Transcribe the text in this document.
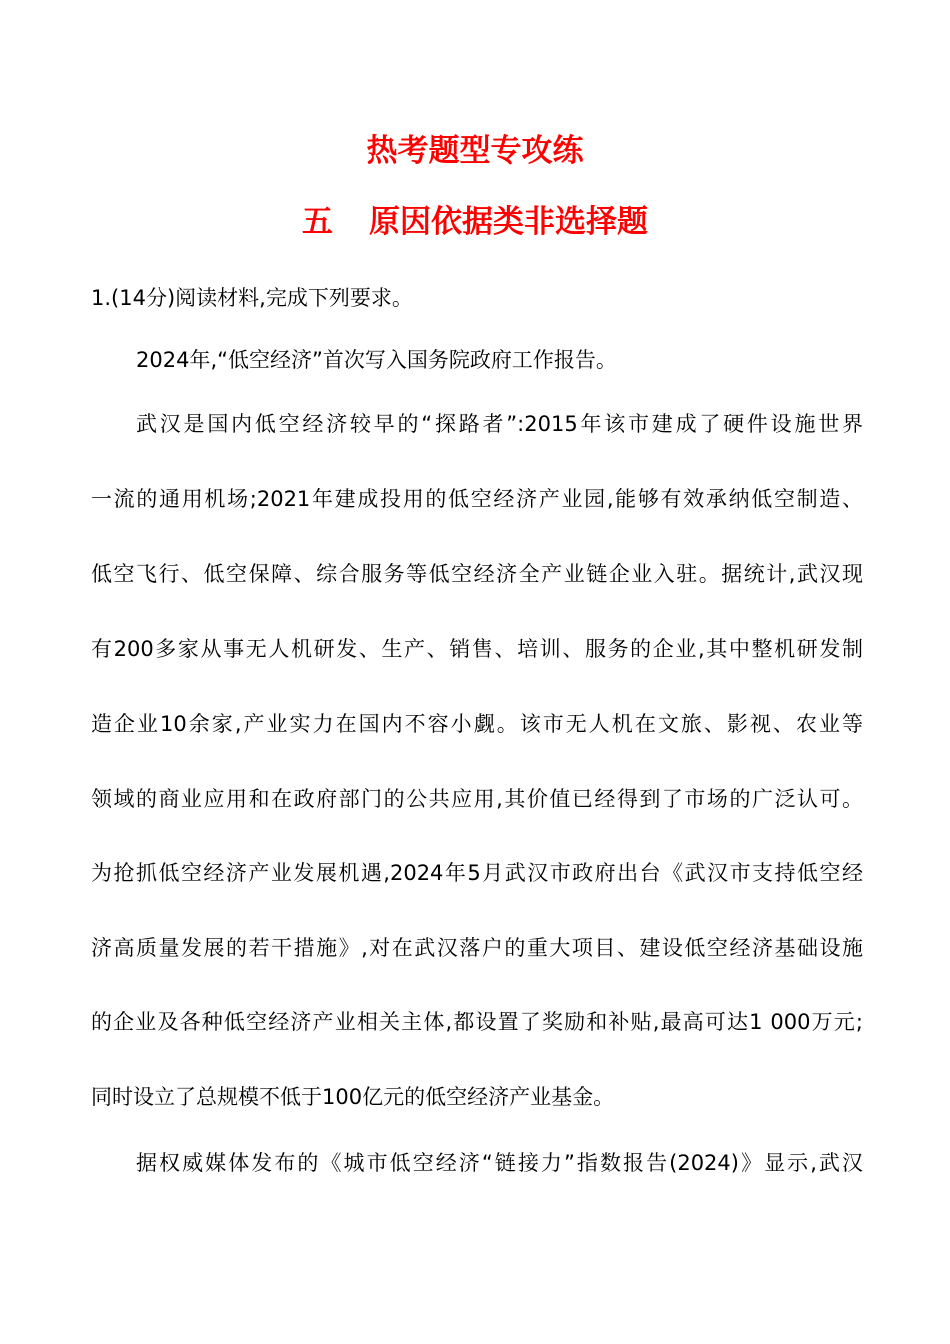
热考题型专攻练
五 原因依据类非选择题
1.(14分)阅读材料,完成下列要求。
2024年,“低空经济”首次写入国务院政府工作报告。
武汉是国内低空经济较早的“探路者”:2015年该市建成了硬件设施世界
一流的通用机场;2021年建成投用的低空经济产业园,能够有效承纳低空制造、
低空飞行、低空保障、综合服务等低空经济全产业链企业入驻。据统计,武汉现
有200多家从事无人机研发、生产、销售、培训、服务的企业,其中整机研发制
造企业10余家,产业实力在国内不容小觑。该市无人机在文旅、影视、农业等
领域的商业应用和在政府部门的公共应用,其价值已经得到了市场的广泛认可。
为抢抓低空经济产业发展机遇,2024年5月武汉市政府出台《武汉市支持低空经
济高质量发展的若干措施》,对在武汉落户的重大项目、建设低空经济基础设施
的企业及各种低空经济产业相关主体,都设置了奖励和补贴,最高可达1 000万元;
同时设立了总规模不低于100亿元的低空经济产业基金。
据权威媒体发布的《城市低空经济“链接力”指数报告(2024)》显示,武汉
